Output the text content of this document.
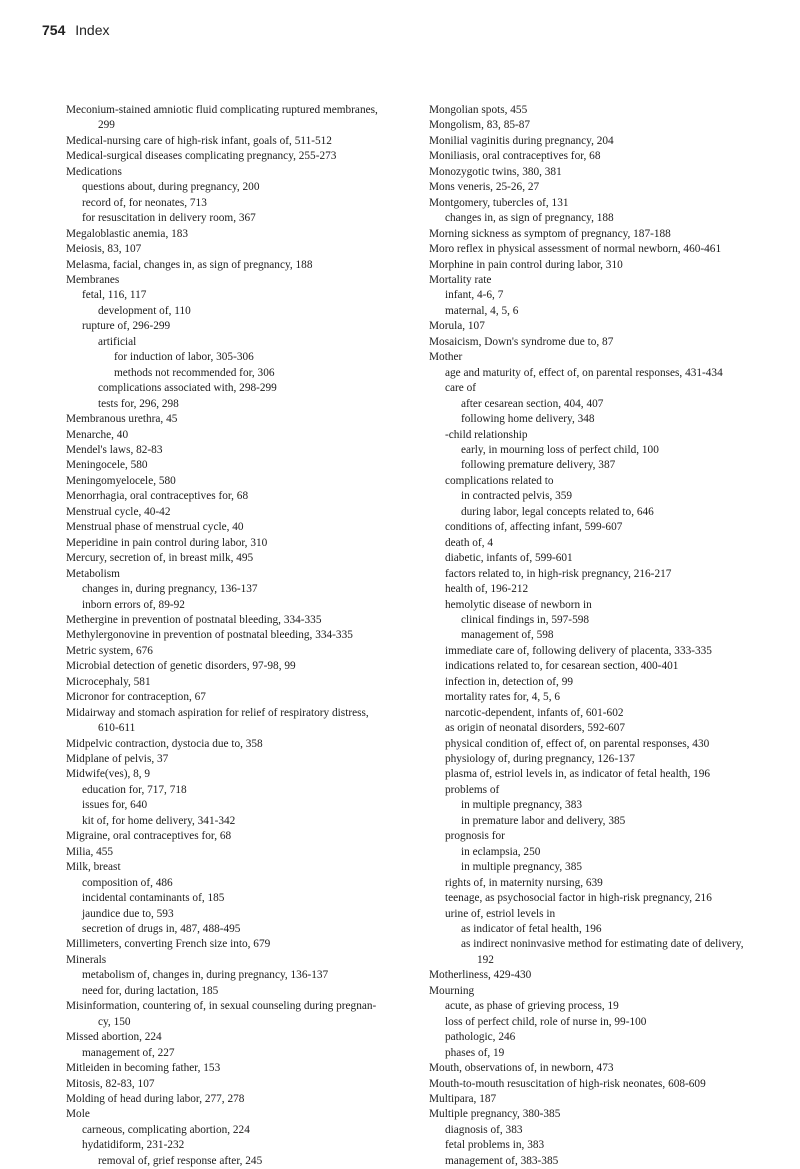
754 Index
Meconium-stained amniotic fluid complicating ruptured membranes,
299
Medical-nursing care of high-risk infant, goals of, 511-512
Medical-surgical diseases complicating pregnancy, 255-273
Medications
questions about, during pregnancy, 200
record of, for neonates, 713
for resuscitation in delivery room, 367
Megaloblastic anemia, 183
Meiosis, 83, 107
Melasma, facial, changes in, as sign of pregnancy, 188
Membranes
fetal, 116, 117
development of, 110
rupture of, 296-299
artificial
for induction of labor, 305-306
methods not recommended for, 306
complications associated with, 298-299
tests for, 296, 298
Membranous urethra, 45
Menarche, 40
Mendel's laws, 82-83
Meningocele, 580
Meningomyelocele, 580
Menorrhagia, oral contraceptives for, 68
Menstrual cycle, 40-42
Menstrual phase of menstrual cycle, 40
Meperidine in pain control during labor, 310
Mercury, secretion of, in breast milk, 495
Metabolism
changes in, during pregnancy, 136-137
inborn errors of, 89-92
Methergine in prevention of postnatal bleeding, 334-335
Methylergonovine in prevention of postnatal bleeding, 334-335
Metric system, 676
Microbial detection of genetic disorders, 97-98, 99
Microcephaly, 581
Micronor for contraception, 67
Midairway and stomach aspiration for relief of respiratory distress,
610-611
Midpelvic contraction, dystocia due to, 358
Midplane of pelvis, 37
Midwife(ves), 8, 9
education for, 717, 718
issues for, 640
kit of, for home delivery, 341-342
Migraine, oral contraceptives for, 68
Milia, 455
Milk, breast
composition of, 486
incidental contaminants of, 185
jaundice due to, 593
secretion of drugs in, 487, 488-495
Millimeters, converting French size into, 679
Minerals
metabolism of, changes in, during pregnancy, 136-137
need for, during lactation, 185
Misinformation, countering of, in sexual counseling during pregnan-
cy, 150
Missed abortion, 224
management of, 227
Mitleiden in becoming father, 153
Mitosis, 82-83, 107
Molding of head during labor, 277, 278
Mole
carneous, complicating abortion, 224
hydatidiform, 231-232
removal of, grief response after, 245
Mongolian spots, 455
Mongolism, 83, 85-87
Monilial vaginitis during pregnancy, 204
Moniliasis, oral contraceptives for, 68
Monozygotic twins, 380, 381
Mons veneris, 25-26, 27
Montgomery, tubercles of, 131
changes in, as sign of pregnancy, 188
Morning sickness as symptom of pregnancy, 187-188
Moro reflex in physical assessment of normal newborn, 460-461
Morphine in pain control during labor, 310
Mortality rate
infant, 4-6, 7
maternal, 4, 5, 6
Morula, 107
Mosaicism, Down's syndrome due to, 87
Mother
age and maturity of, effect of, on parental responses, 431-434
care of
after cesarean section, 404, 407
following home delivery, 348
-child relationship
early, in mourning loss of perfect child, 100
following premature delivery, 387
complications related to
in contracted pelvis, 359
during labor, legal concepts related to, 646
conditions of, affecting infant, 599-607
death of, 4
diabetic, infants of, 599-601
factors related to, in high-risk pregnancy, 216-217
health of, 196-212
hemolytic disease of newborn in
clinical findings in, 597-598
management of, 598
immediate care of, following delivery of placenta, 333-335
indications related to, for cesarean section, 400-401
infection in, detection of, 99
mortality rates for, 4, 5, 6
narcotic-dependent, infants of, 601-602
as origin of neonatal disorders, 592-607
physical condition of, effect of, on parental responses, 430
physiology of, during pregnancy, 126-137
plasma of, estriol levels in, as indicator of fetal health, 196
problems of
in multiple pregnancy, 383
in premature labor and delivery, 385
prognosis for
in eclampsia, 250
in multiple pregnancy, 385
rights of, in maternity nursing, 639
teenage, as psychosocial factor in high-risk pregnancy, 216
urine of, estriol levels in
as indicator of fetal health, 196
as indirect noninvasive method for estimating date of delivery,
192
Motherliness, 429-430
Mourning
acute, as phase of grieving process, 19
loss of perfect child, role of nurse in, 99-100
pathologic, 246
phases of, 19
Mouth, observations of, in newborn, 473
Mouth-to-mouth resuscitation of high-risk neonates, 608-609
Multipara, 187
Multiple pregnancy, 380-385
diagnosis of, 383
fetal problems in, 383
management of, 383-385
